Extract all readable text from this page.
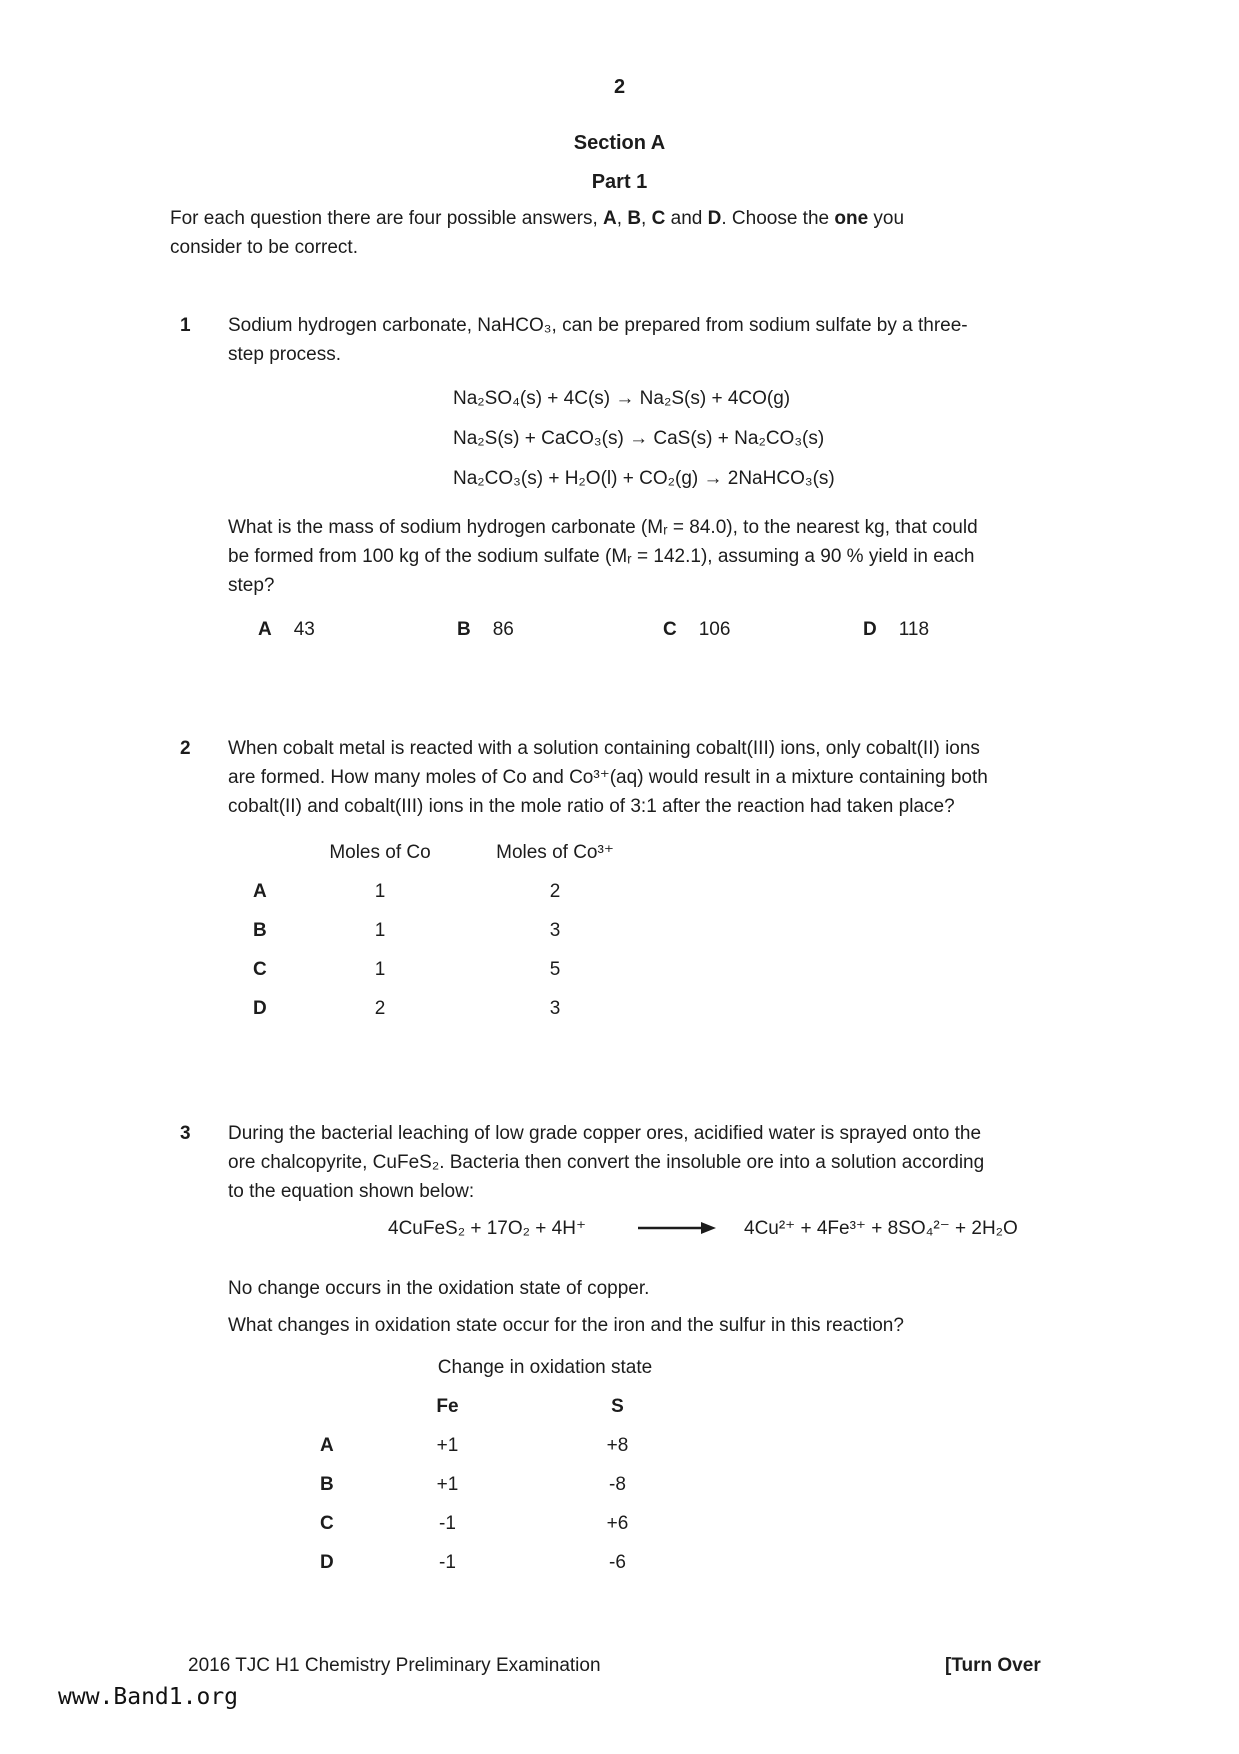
2
Section A
Part 1
For each question there are four possible answers, A, B, C and D. Choose the one you
consider to be correct.
1	Sodium hydrogen carbonate, NaHCO₃, can be prepared from sodium sulfate by a three-
step process.
Na₂SO₄(s) + 4C(s) → Na₂S(s) + 4CO(g)
Na₂S(s) + CaCO₃(s) → CaS(s) + Na₂CO₃(s)
Na₂CO₃(s) + H₂O(l) + CO₂(g) → 2NaHCO₃(s)
What is the mass of sodium hydrogen carbonate (Mᵣ = 84.0), to the nearest kg, that could
be formed from 100 kg of the sodium sulfate (Mᵣ = 142.1), assuming a 90 % yield in each
step?
A 43	B 86	C 106	D 118
2	When cobalt metal is reacted with a solution containing cobalt(III) ions, only cobalt(II) ions
are formed. How many moles of Co and Co³⁺(aq) would result in a mixture containing both
cobalt(II) and cobalt(III) ions in the mole ratio of 3:1 after the reaction had taken place?
Moles of Co	Moles of Co³⁺
A	1	2
B	1	3
C	1	5
D	2	3
3	During the bacterial leaching of low grade copper ores, acidified water is sprayed onto the
ore chalcopyrite, CuFeS₂. Bacteria then convert the insoluble ore into a solution according
to the equation shown below:
4CuFeS₂ + 17O₂ + 4H⁺	4Cu²⁺ + 4Fe³⁺ + 8SO₄²⁻ + 2H₂O
No change occurs in the oxidation state of copper.
What changes in oxidation state occur for the iron and the sulfur in this reaction?
Change in oxidation state
Fe	S
A	+1	+8
B	+1	-8
C	-1	+6
D	-1	-6
2016 TJC H1 Chemistry Preliminary Examination	[Turn Over
www.Band1.org
